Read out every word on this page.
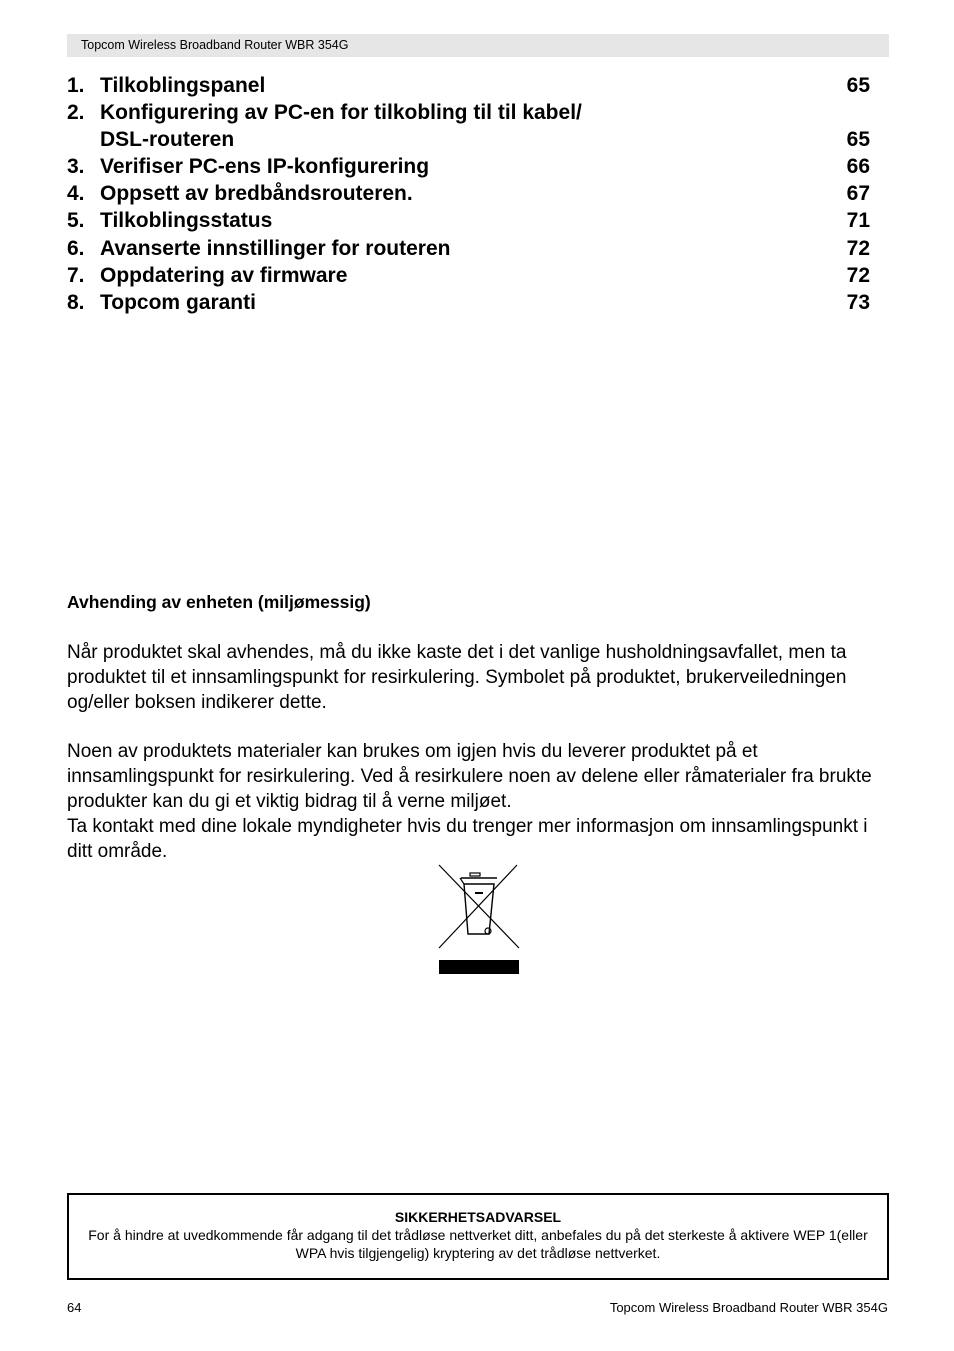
Topcom Wireless Broadband Router WBR 354G
1. Tilkoblingspanel	65
2. Konfigurering av PC-en for tilkobling til til kabel/ DSL-routeren	65
3. Verifiser PC-ens IP-konfigurering	66
4. Oppsett av bredbåndsrouteren.	67
5. Tilkoblingsstatus	71
6. Avanserte innstillinger for routeren	72
7. Oppdatering av firmware	72
8. Topcom garanti	73
Avhending av enheten (miljømessig)

Når produktet skal avhendes, må du ikke kaste det i det vanlige husholdningsavfallet, men ta produktet til et innsamlingspunkt for resirkulering. Symbolet på produktet, brukerveiledningen og/eller boksen indikerer dette.

Noen av produktets materialer kan brukes om igjen hvis du leverer produktet på et innsamlingspunkt for resirkulering. Ved å resirkulere noen av delene eller råmaterialer fra brukte produkter kan du gi et viktig bidrag til å verne miljøet.

Ta kontakt med dine lokale myndigheter hvis du trenger mer informasjon om innsamlingspunkt i ditt område.

SIKKERHETSADVARSEL
For å hindre at uvedkommende får adgang til det trådløse nettverket ditt, anbefales du på det sterkeste å aktivere WEP 1(eller WPA hvis tilgjengelig) kryptering av det trådløse nettverket.
64	Topcom Wireless Broadband Router WBR 354G
